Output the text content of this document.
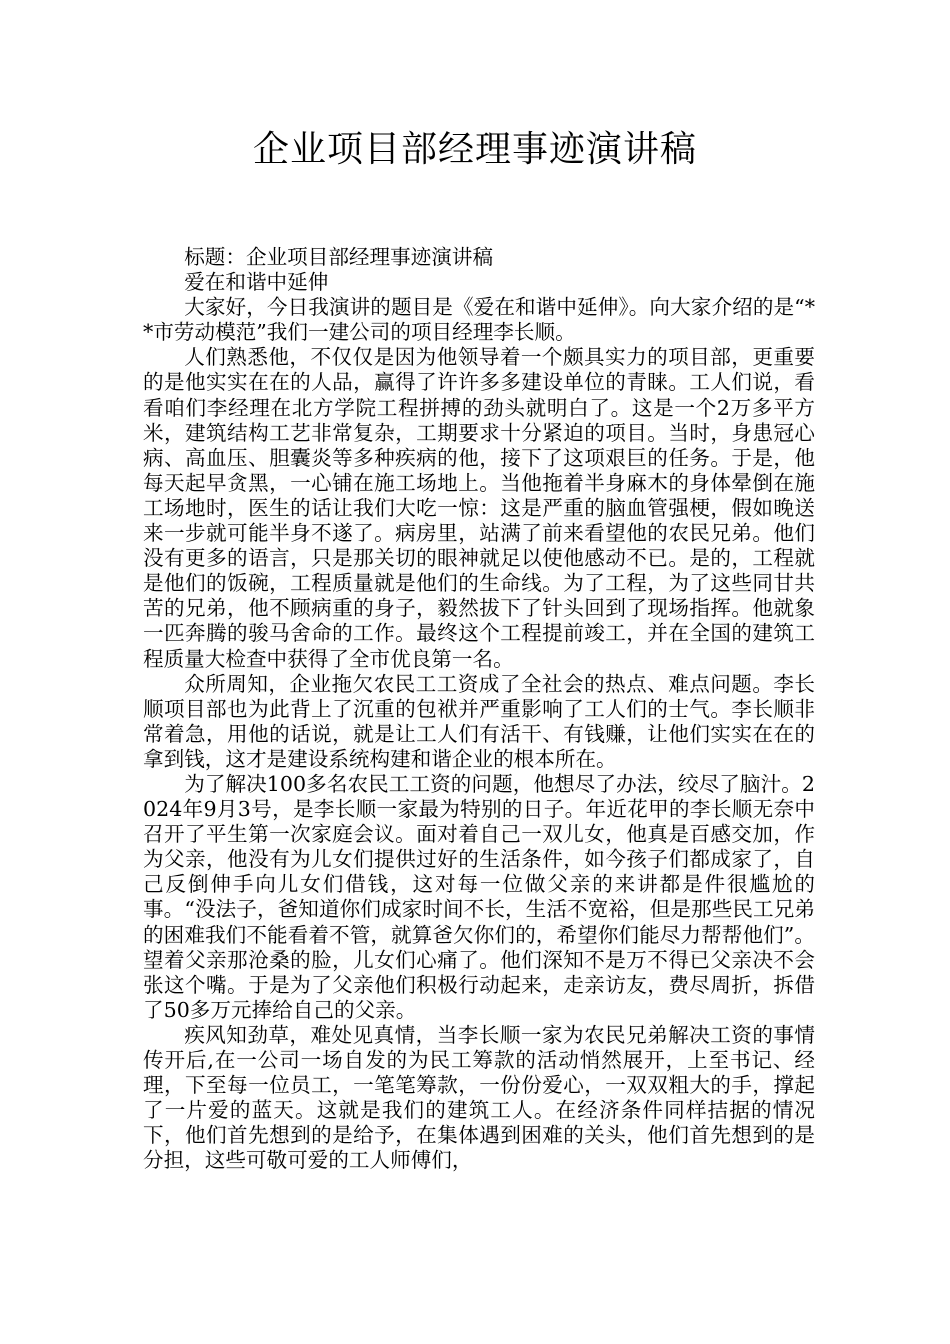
企业项目部经理事迹演讲稿

标题：企业项目部经理事迹演讲稿

爱在和谐中延伸

大家好，今日我演讲的题目是《爱在和谐中延伸》。向大家介绍的是“**市劳动模范”我们一建公司的项目经理李长顺。

人们熟悉他，不仅仅是因为他领导着一个颇具实力的项目部，更重要的是他实实在在的人品，赢得了许许多多建设单位的青睐。工人们说，看看咱们李经理在北方学院工程拼搏的劲头就明白了。这是一个2万多平方米，建筑结构工艺非常复杂，工期要求十分紧迫的项目。当时，身患冠心病、高血压、胆囊炎等多种疾病的他，接下了这项艰巨的任务。于是，他每天起早贪黑，一心铺在施工场地上。当他拖着半身麻木的身体晕倒在施工场地时，医生的话让我们大吃一惊：这是严重的脑血管强梗，假如晚送来一步就可能半身不遂了。病房里，站满了前来看望他的农民兄弟。他们没有更多的语言，只是那关切的眼神就足以使他感动不已。是的，工程就是他们的饭碗，工程质量就是他们的生命线。为了工程，为了这些同甘共苦的兄弟，他不顾病重的身子，毅然拔下了针头回到了现场指挥。他就象一匹奔腾的骏马舍命的工作。最终这个工程提前竣工，并在全国的建筑工程质量大检查中获得了全市优良第一名。

众所周知，企业拖欠农民工工资成了全社会的热点、难点问题。李长顺项目部也为此背上了沉重的包袱并严重影响了工人们的士气。李长顺非常着急，用他的话说，就是让工人们有活干、有钱赚，让他们实实在在的拿到钱，这才是建设系统构建和谐企业的根本所在。

为了解决100多名农民工工资的问题，他想尽了办法，绞尽了脑汁。2024年9月3号，是李长顺一家最为特别的日子。年近花甲的李长顺无奈中召开了平生第一次家庭会议。面对着自己一双儿女，他真是百感交加，作为父亲，他没有为儿女们提供过好的生活条件，如今孩子们都成家了，自己反倒伸手向儿女们借钱，这对每一位做父亲的来讲都是件很尴尬的事。“没法子，爸知道你们成家时间不长，生活不宽裕，但是那些民工兄弟的困难我们不能看着不管，就算爸欠你们的，希望你们能尽力帮帮他们”。望着父亲那沧桑的脸，儿女们心痛了。他们深知不是万不得已父亲决不会张这个嘴。于是为了父亲他们积极行动起来，走亲访友，费尽周折，拆借了50多万元捧给自己的父亲。

疾风知劲草，难处见真情，当李长顺一家为农民兄弟解决工资的事情传开后,在一公司一场自发的为民工筹款的活动悄然展开，上至书记、经理，下至每一位员工，一笔笔筹款，一份份爱心，一双双粗大的手，撑起了一片爱的蓝天。这就是我们的建筑工人。在经济条件同样拮据的情况下，他们首先想到的是给予，在集体遇到困难的关头，他们首先想到的是分担，这些可敬可爱的工人师傅们，
